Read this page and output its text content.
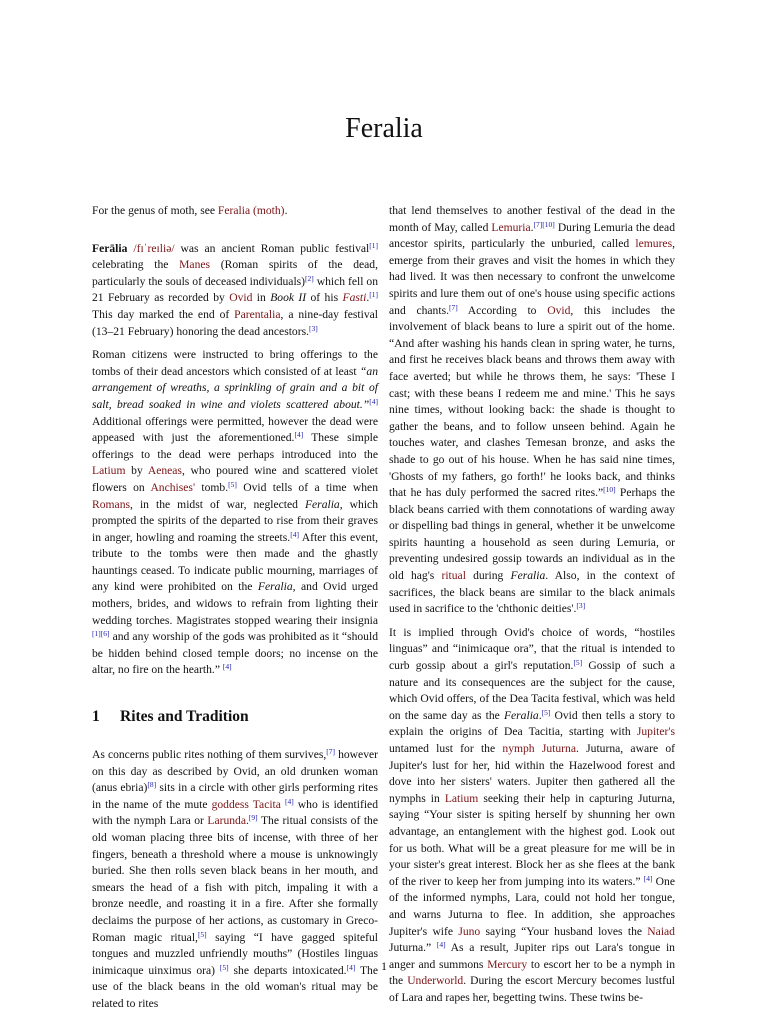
Feralia

For the genus of moth, see Feralia (moth).

Ferālia /fɪˈreɪliə/ was an ancient Roman public festival[1] celebrating the Manes (Roman spirits of the dead, particularly the souls of deceased individuals)[2] which fell on 21 February as recorded by Ovid in Book II of his Fasti.[1] This day marked the end of Parentalia, a nine-day festival (13–21 February) honoring the dead ancestors.[3]

Roman citizens were instructed to bring offerings to the tombs of their dead ancestors which consisted of at least “an arrangement of wreaths, a sprinkling of grain and a bit of salt, bread soaked in wine and violets scattered about.”[4] Additional offerings were permitted, however the dead were appeased with just the aforementioned.[4] These simple offerings to the dead were perhaps introduced into the Latium by Aeneas, who poured wine and scattered violet flowers on Anchises' tomb.[5] Ovid tells of a time when Romans, in the midst of war, neglected Feralia, which prompted the spirits of the departed to rise from their graves in anger, howling and roaming the streets.[4] After this event, tribute to the tombs were then made and the ghastly hauntings ceased. To indicate public mourning, marriages of any kind were prohibited on the Feralia, and Ovid urged mothers, brides, and widows to refrain from lighting their wedding torches. Magistrates stopped wearing their insignia [1][6] and any worship of the gods was prohibited as it “should be hidden behind closed temple doors; no incense on the altar, no fire on the hearth.” [4]

1 Rites and Tradition

As concerns public rites nothing of them survives,[7] however on this day as described by Ovid, an old drunken woman (anus ebria)[8] sits in a circle with other girls performing rites in the name of the mute goddess Tacita [4] who is identified with the nymph Lara or Larunda.[9] The ritual consists of the old woman placing three bits of incense, with three of her fingers, beneath a threshold where a mouse is unknowingly buried. She then rolls seven black beans in her mouth, and smears the head of a fish with pitch, impaling it with a bronze needle, and roasting it in a fire. After she formally declaims the purpose of her actions, as customary in Greco-Roman magic ritual,[5] saying “I have gagged spiteful tongues and muzzled unfriendly mouths” (Hostiles linguas inimicaque uinximus ora) [5] she departs intoxicated.[4] The use of the black beans in the old woman's ritual may be related to rites

that lend themselves to another festival of the dead in the month of May, called Lemuria.[7][10] During Lemuria the dead ancestor spirits, particularly the unburied, called lemures, emerge from their graves and visit the homes in which they had lived. It was then necessary to confront the unwelcome spirits and lure them out of one's house using specific actions and chants.[7] According to Ovid, this includes the involvement of black beans to lure a spirit out of the home. “And after washing his hands clean in spring water, he turns, and first he receives black beans and throws them away with face averted; but while he throws them, he says: 'These I cast; with these beans I redeem me and mine.' This he says nine times, without looking back: the shade is thought to gather the beans, and to follow unseen behind. Again he touches water, and clashes Temesan bronze, and asks the shade to go out of his house. When he has said nine times, 'Ghosts of my fathers, go forth!' he looks back, and thinks that he has duly performed the sacred rites.”[10] Perhaps the black beans carried with them connotations of warding away or dispelling bad things in general, whether it be unwelcome spirits haunting a household as seen during Lemuria, or preventing undesired gossip towards an individual as in the old hag's ritual during Feralia. Also, in the context of sacrifices, the black beans are similar to the black animals used in sacrifice to the 'chthonic deities'.[3]

It is implied through Ovid's choice of words, “hostiles linguas” and “inimicaque ora”, that the ritual is intended to curb gossip about a girl's reputation.[5] Gossip of such a nature and its consequences are the subject for the cause, which Ovid offers, of the Dea Tacita festival, which was held on the same day as the Feralia.[5] Ovid then tells a story to explain the origins of Dea Tacitia, starting with Jupiter's untamed lust for the nymph Juturna. Juturna, aware of Jupiter's lust for her, hid within the Hazelwood forest and dove into her sisters' waters. Jupiter then gathered all the nymphs in Latium seeking their help in capturing Juturna, saying “Your sister is spiting herself by shunning her own advantage, an entanglement with the highest god. Look out for us both. What will be a great pleasure for me will be in your sister's great interest. Block her as she flees at the bank of the river to keep her from jumping into its waters.” [4] One of the informed nymphs, Lara, could not hold her tongue, and warns Juturna to flee. In addition, she approaches Jupiter's wife Juno saying “Your husband loves the Naiad Juturna.” [4] As a result, Jupiter rips out Lara's tongue in anger and summons Mercury to escort her to be a nymph in the Underworld. During the escort Mercury becomes lustful of Lara and rapes her, begetting twins. These twins be-

1
